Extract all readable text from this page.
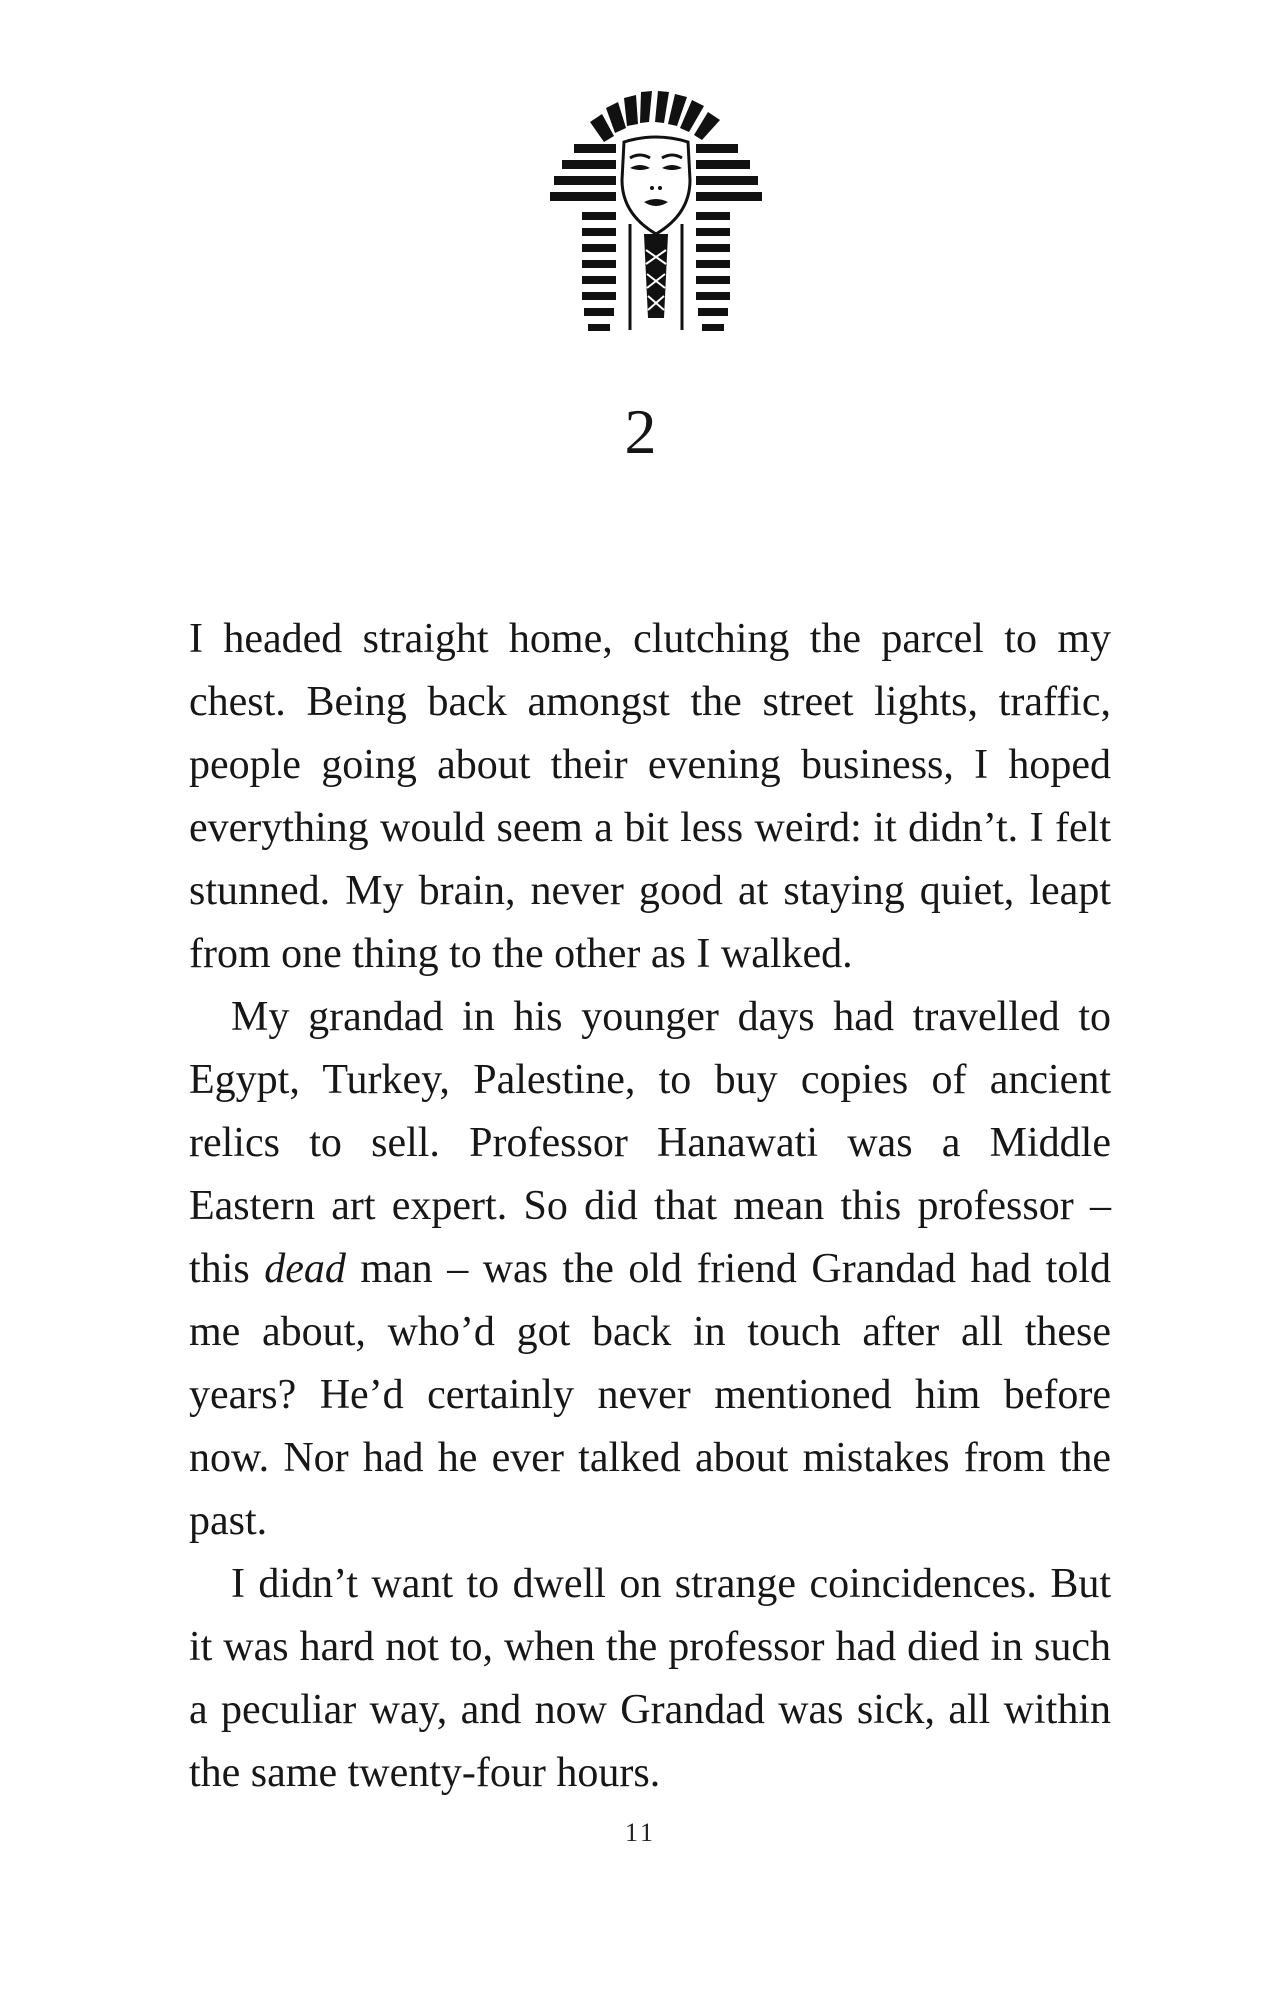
2

I headed straight home, clutching the parcel to my chest. Being back amongst the street lights, traffic, people going about their evening business, I hoped everything would seem a bit less weird: it didn’t. I felt stunned. My brain, never good at staying quiet, leapt from one thing to the other as I walked.

My grandad in his younger days had travelled to Egypt, Turkey, Palestine, to buy copies of ancient relics to sell. Professor Hanawati was a Middle Eastern art expert. So did that mean this professor – this dead man – was the old friend Grandad had told me about, who’d got back in touch after all these years? He’d certainly never mentioned him before now. Nor had he ever talked about mistakes from the past.

I didn’t want to dwell on strange coincidences. But it was hard not to, when the professor had died in such a peculiar way, and now Grandad was sick, all within the same twenty-four hours.

11
